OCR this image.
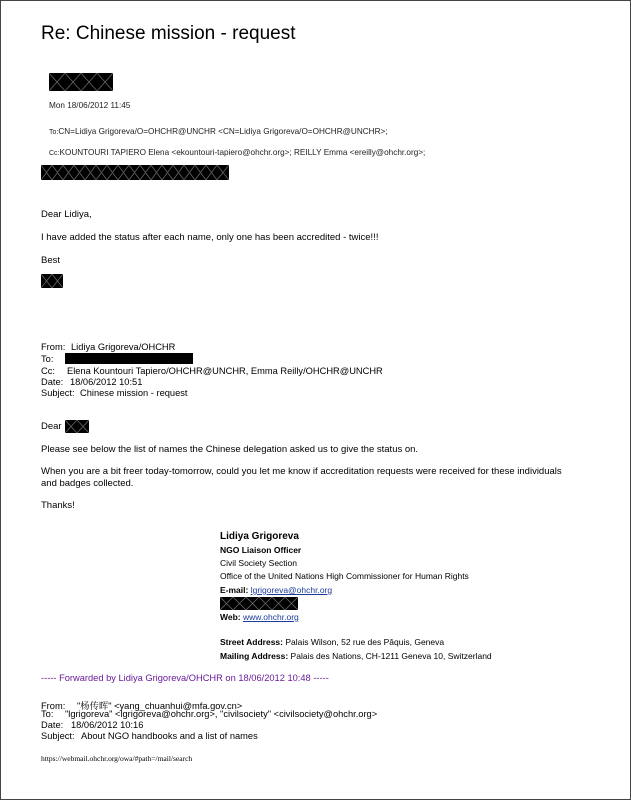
Re: Chinese mission - request
Mon 18/06/2012 11:45
To:CN=Lidiya Grigoreva/O=OHCHR@UNCHR <CN=Lidiya Grigoreva/O=OHCHR@UNCHR>;
Cc:KOUNTOURI TAPIERO Elena <ekountouri-tapiero@ohchr.org>; REILLY Emma <ereilly@ohchr.org>;
Dear Lidiya,
I have added the status after each name, only one has been accredited - twice!!!
Best
From: Lidiya Grigoreva/OHCHR
To:
Cc: Elena Kountouri Tapiero/OHCHR@UNCHR, Emma Reilly/OHCHR@UNCHR
Date: 18/06/2012 10:51
Subject: Chinese mission - request
Dear
Please see below the list of names the Chinese delegation asked us to give the status on.
When you are a bit freer today-tomorrow, could you let me know if accreditation requests were received for these individuals
and badges collected.
Thanks!
Lidiya Grigoreva
NGO Liaison Officer
Civil Society Section
Office of the United Nations High Commissioner for Human Rights
E-mail: lgrigoreva@ohchr.org
Web: www.ohchr.org
Street Address: Palais Wilson, 52 rue des Pâquis, Geneva
Mailing Address: Palais des Nations, CH-1211 Geneva 10, Switzerland
----- Forwarded by Lidiya Grigoreva/OHCHR on 18/06/2012 10:48 -----
From: "杨传晖" <yang_chuanhui@mfa.gov.cn>
To: "lgrigoreva" <lgrigoreva@ohchr.org>, "civilsociety" <civilsociety@ohchr.org>
Date: 18/06/2012 10:16
Subject: About NGO handbooks and a list of names
https://webmail.ohchr.org/owa/#path=/mail/search
